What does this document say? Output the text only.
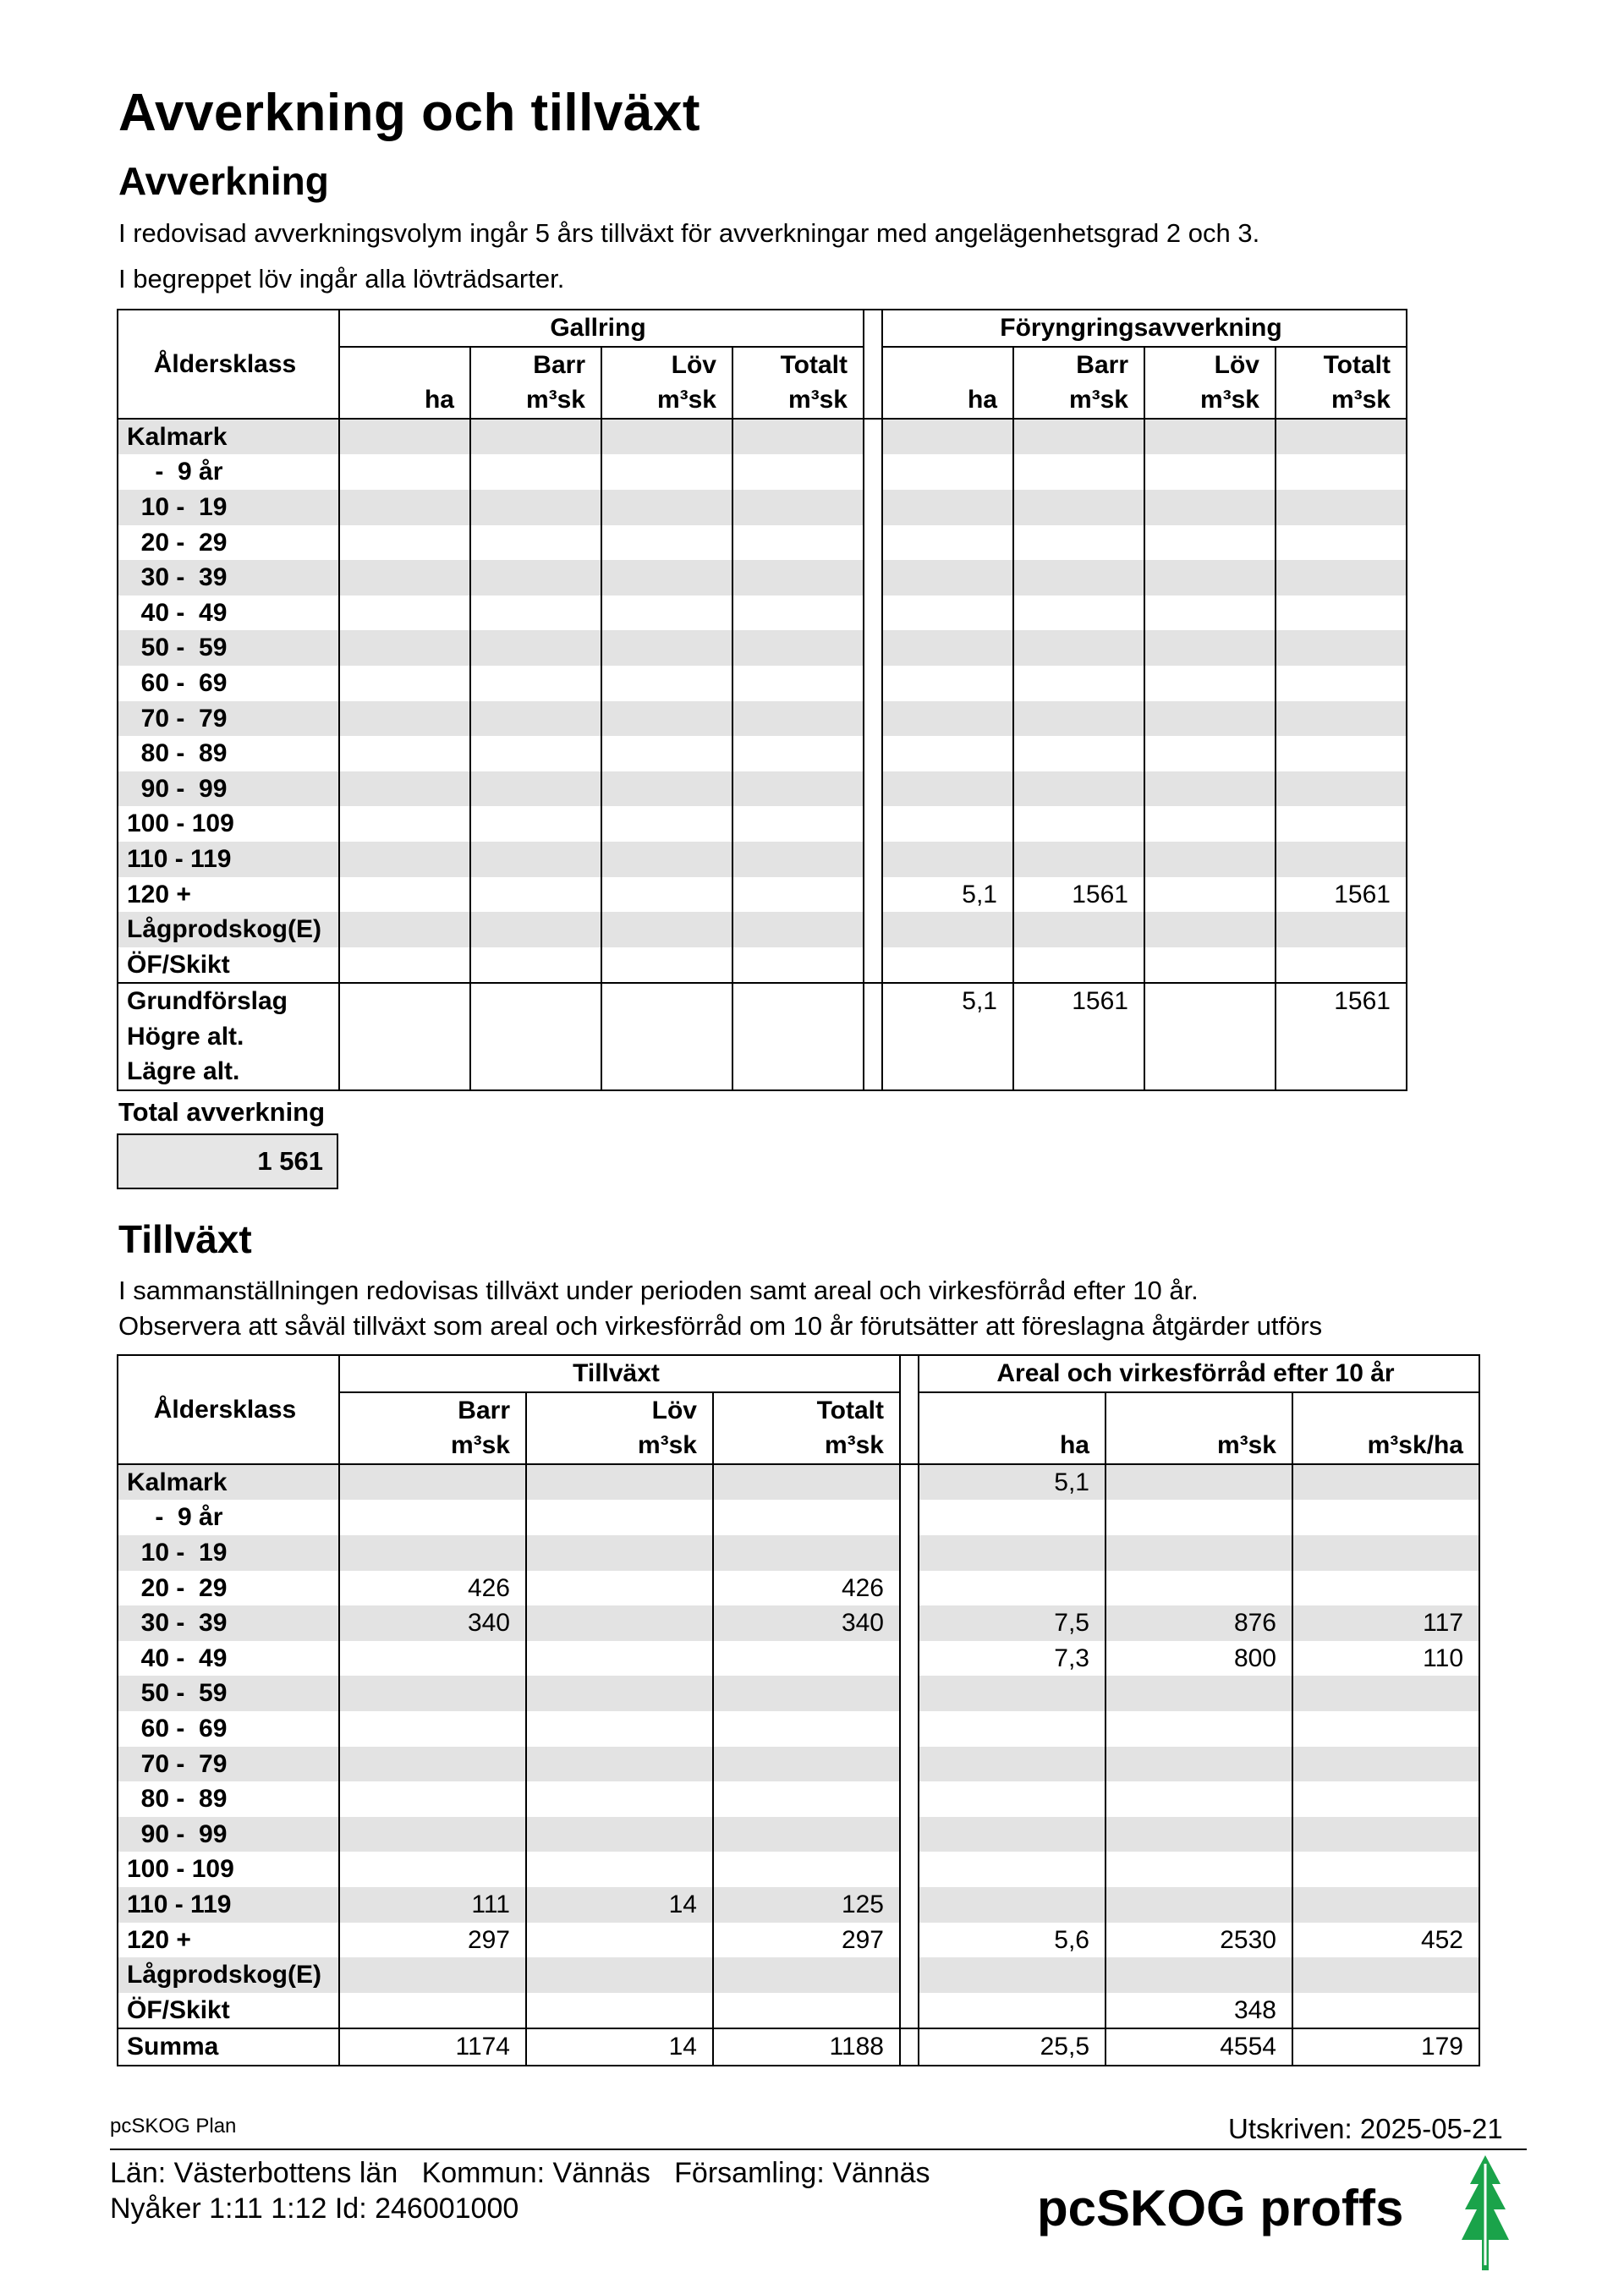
Avverkning och tillväxt
Avverkning

I redovisad avverkningsvolym ingår 5 års tillväxt för avverkningar med angelägenhetsgrad 2 och 3.

I begreppet löv ingår alla lövträdsarter.

Åldersklass	Gallring					Föryngringsavverkning			
		Barr	Löv	Totalt			Barr	Löv	Totalt
	ha	m³sk	m³sk	m³sk		ha	m³sk	m³sk	m³sk
Kalmark									
-  9 år									
10 -  19									
20 -  29									
30 -  39									
40 -  49									
50 -  59									
60 -  69									
70 -  79									
80 -  89									
90 -  99									
100 - 109									
110 - 119									
120 +						5,1	1561		1561
Lågprodskog(E)									
ÖF/Skikt									
Grundförslag						5,1	1561		1561
Högre alt.									
Lägre alt.									
Total avverkning
1 561
Tillväxt

I sammanställningen redovisas tillväxt under perioden samt areal och virkesförråd efter 10 år.

Observera att såväl tillväxt som areal och virkesförråd om 10 år förutsätter att föreslagna åtgärder utförs

Åldersklass	Tillväxt				Areal och virkesförråd efter 10 år		
	Barr	Löv	Totalt				
	m³sk	m³sk	m³sk		ha	m³sk	m³sk/ha
Kalmark					5,1		
-  9 år							
10 -  19							
20 -  29	426		426				
30 -  39	340		340		7,5	876	117
40 -  49					7,3	800	110
50 -  59							
60 -  69							
70 -  79							
80 -  89							
90 -  99							
100 - 109							
110 - 119	111	14	125				
120 +	297		297		5,6	2530	452
Lågprodskog(E)							
ÖF/Skikt						348	
Summa	1174	14	1188		25,5	4554	179
pcSKOG Plan	Utskriven: 2025-05-21
Län: Västerbottens län   Kommun: Vännäs   Församling: Vännäs
Nyåker 1:11 1:12 Id: 246001000	pcSKOG proffs
